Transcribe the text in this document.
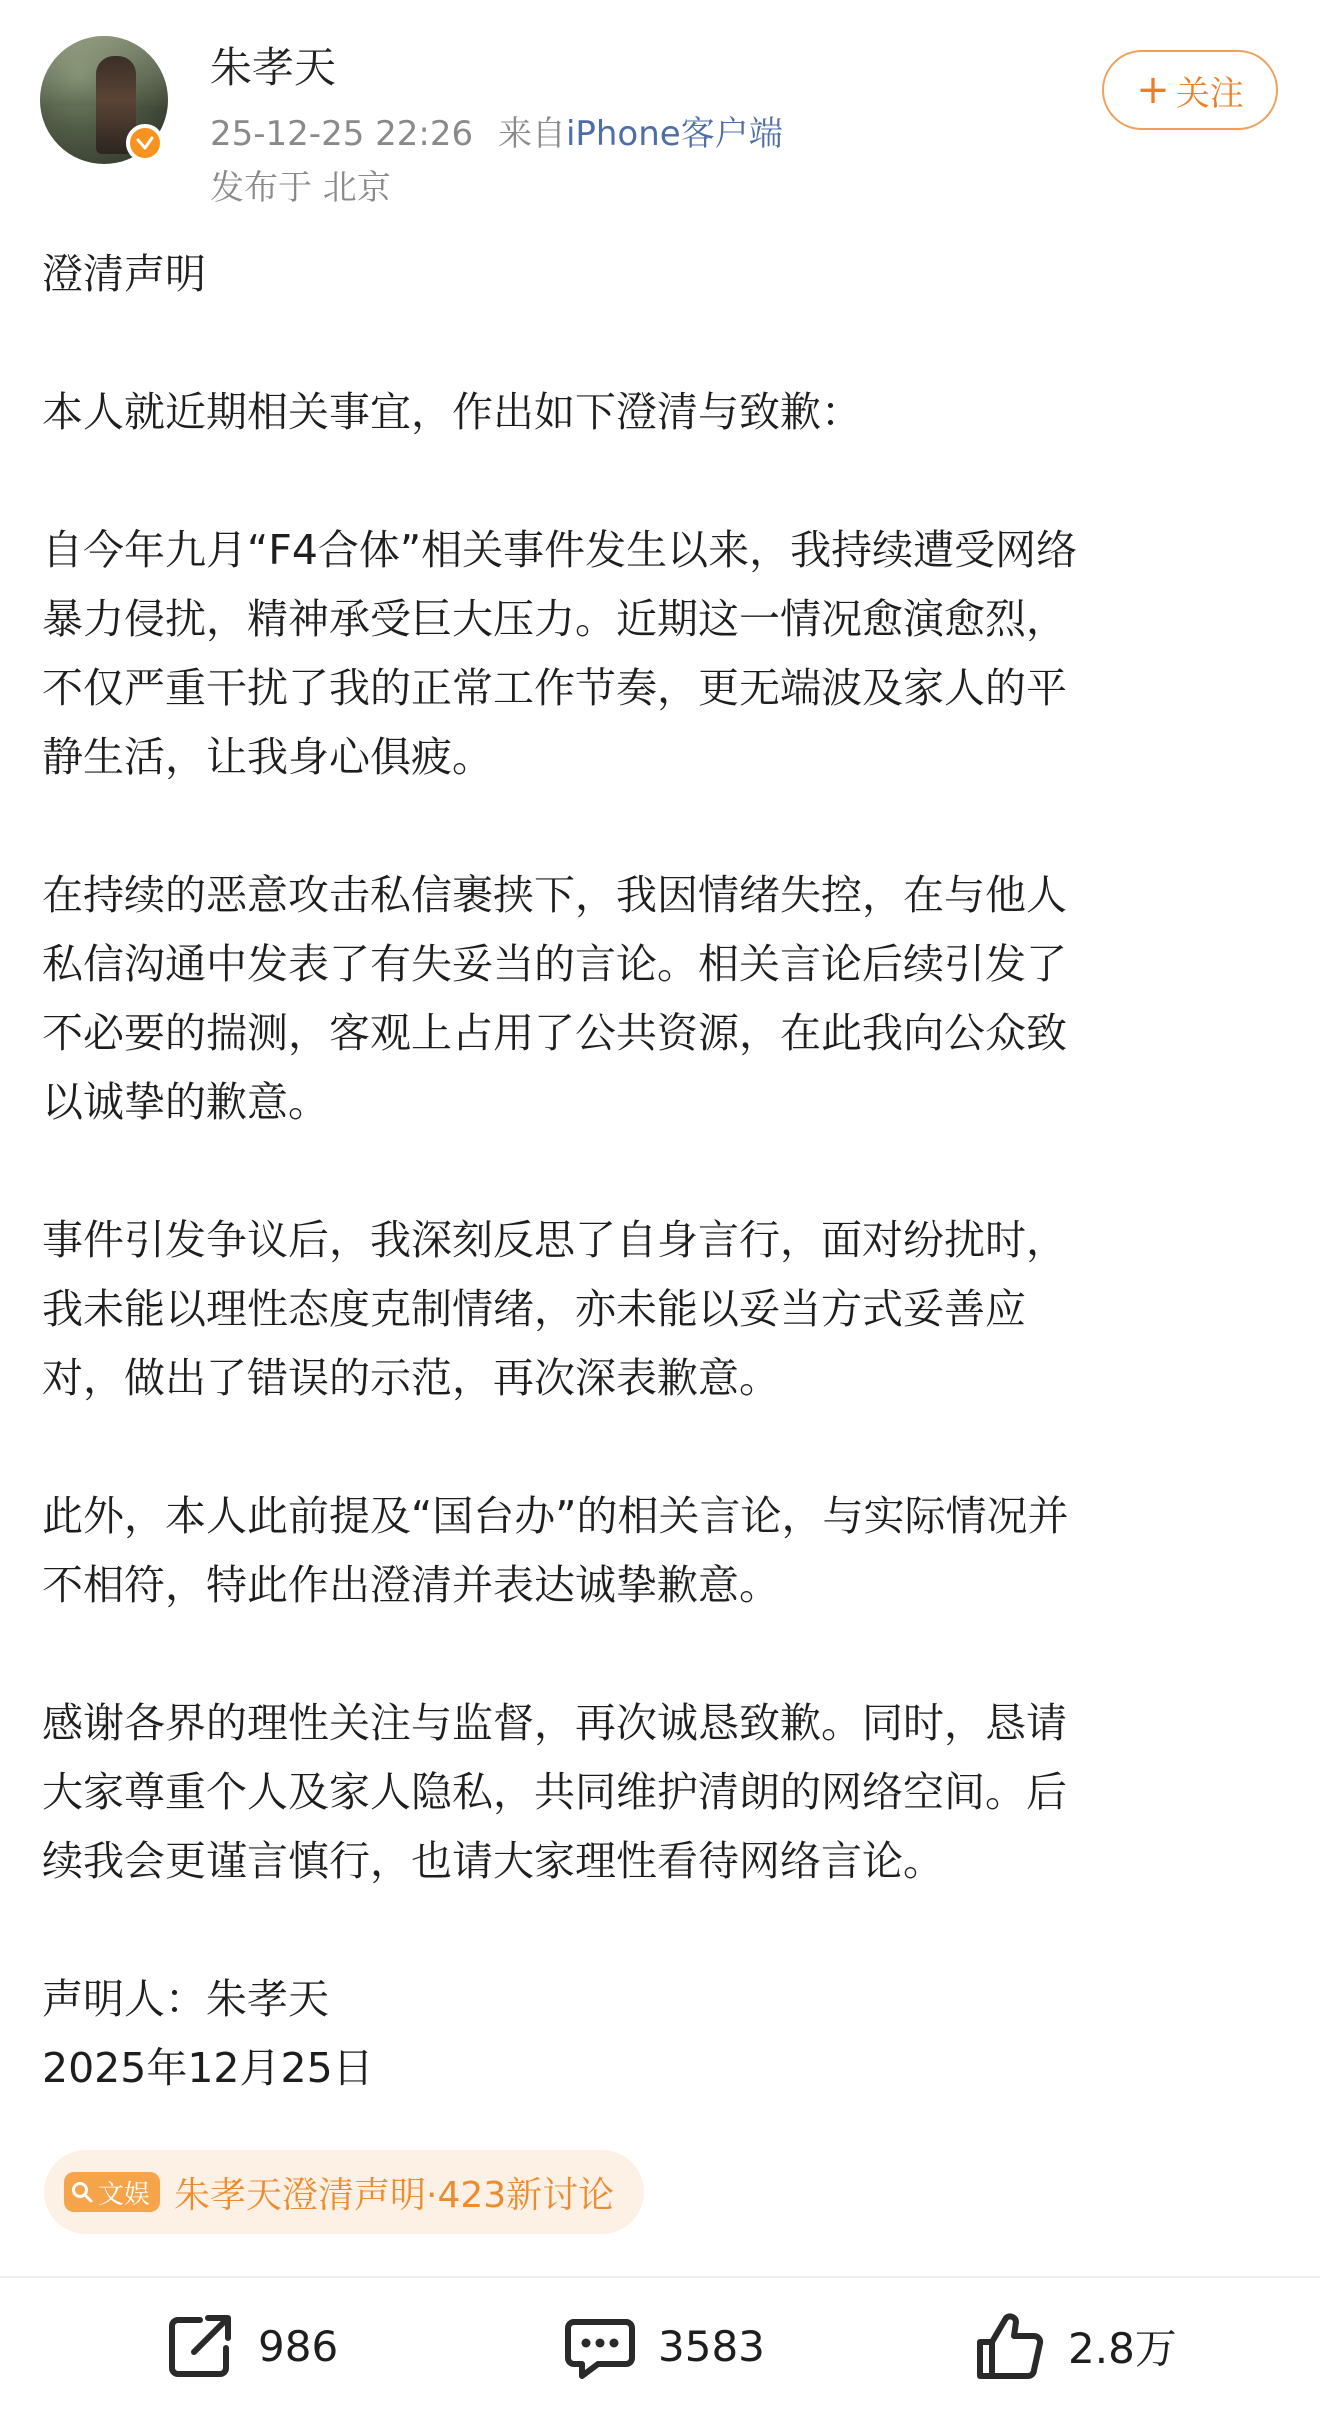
朱孝天
25-12-25 22:26 来自iPhone客户端
发布于 北京
+ 关注

澄清声明

本人就近期相关事宜，作出如下澄清与致歉：

自今年九月“F4合体”相关事件发生以来，我持续遭受网络
暴力侵扰，精神承受巨大压力。近期这一情况愈演愈烈，
不仅严重干扰了我的正常工作节奏，更无端波及家人的平
静生活，让我身心俱疲。

在持续的恶意攻击私信裹挟下，我因情绪失控，在与他人
私信沟通中发表了有失妥当的言论。相关言论后续引发了
不必要的揣测，客观上占用了公共资源，在此我向公众致
以诚挚的歉意。

事件引发争议后，我深刻反思了自身言行，面对纷扰时，
我未能以理性态度克制情绪，亦未能以妥当方式妥善应
对，做出了错误的示范，再次深表歉意。

此外，本人此前提及“国台办”的相关言论，与实际情况并
不相符，特此作出澄清并表达诚挚歉意。

感谢各界的理性关注与监督，再次诚恳致歉。同时，恳请
大家尊重个人及家人隐私，共同维护清朗的网络空间。后
续我会更谨言慎行，也请大家理性看待网络言论。

声明人：朱孝天
2025年12月25日

文娱 朱孝天澄清声明·423新讨论
986	3583	2.8万
